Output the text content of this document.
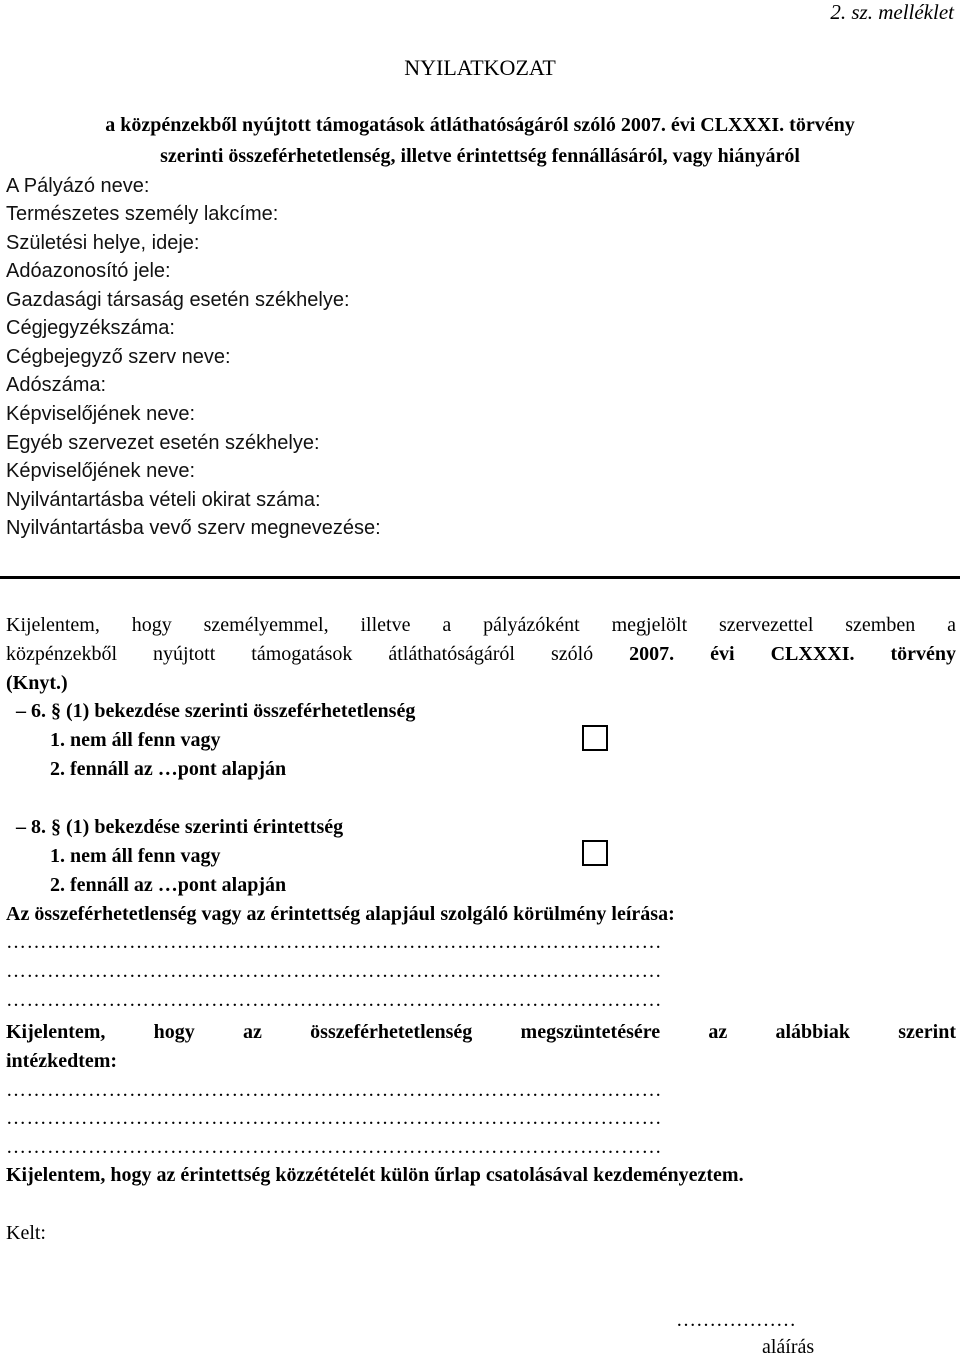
2. sz. melléklet
NYILATKOZAT
a közpénzekből nyújtott támogatások átláthatóságáról szóló 2007. évi CLXXXI. törvény
szerinti összeférhetetlenség, illetve érintettség fennállásáról, vagy hiányáról
A Pályázó neve:
Természetes személy lakcíme:
Születési helye, ideje:
Adóazonosító jele:
Gazdasági társaság esetén székhelye:
Cégjegyzékszáma:
Cégbejegyző szerv neve:
Adószáma:
Képviselőjének neve:
Egyéb szervezet esetén székhelye:
Képviselőjének neve:
Nyilvántartásba vételi okirat száma:
Nyilvántartásba vevő szerv megnevezése:
Kijelentem, hogy személyemmel, illetve a pályázóként megjelölt szervezettel szemben a
közpénzekből nyújtott támogatások átláthatóságáról szóló 2007. évi CLXXXI. törvény
(Knyt.)
– 6. § (1) bekezdése szerinti összeférhetetlenség
1. nem áll fenn vagy
2. fennáll az …pont alapján
– 8. § (1) bekezdése szerinti érintettség
1. nem áll fenn vagy
2. fennáll az …pont alapján
Az összeférhetetlenség vagy az érintettség alapjául szolgáló körülmény leírása:
……………………………………………………………………………………
……………………………………………………………………………………
……………………………………………………………………………………
Kijelentem, hogy az összeférhetetlenség megszüntetésére az alábbiak szerint
intézkedtem:
……………………………………………………………………………………
……………………………………………………………………………………
……………………………………………………………………………………
Kijelentem, hogy az érintettség közzétételét külön űrlap csatolásával kezdeményeztem.
Kelt:
………………
aláírás
